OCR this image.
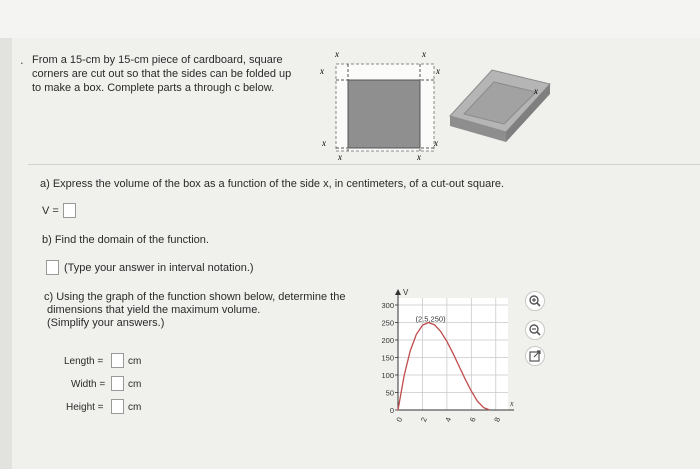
. From a 15-cm by 15-cm piece of cardboard, square
corners are cut out so that the sides can be folded up
to make a box. Complete parts a through c below.
x	x
x	x
x	x
x	x
x
a) Express the volume of the box as a function of the side x, in centimeters, of a cut-out square.
V =
b) Find the domain of the function.
(Type your answer in interval notation.)
c) Using the graph of the function shown below, determine the
dimensions that yield the maximum volume.
(Simplify your answers.)
Length = cm
Width = cm
Height = cm
0 2 4 6 8
0
50
100
150
200
250
300
V
x
(2.5,250)
